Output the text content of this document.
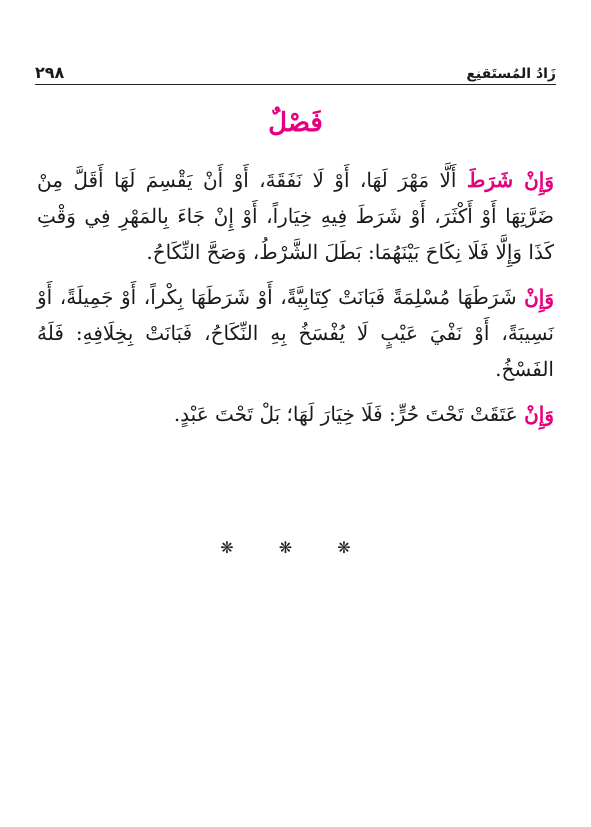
٢٩٨	زَادُ المُستَقنِع
فَصْلٌ

وَإِنْ شَرَطَ أَلَّا مَهْرَ لَهَا، أَوْ لَا نَفَقَةَ، أَوْ أَنْ يَقْسِمَ لَهَا أَقَلَّ مِنْ ضَرَّتِهَا أَوْ أَكْثَرَ، أَوْ شَرَطَ فِيهِ خِيَاراً، أَوْ إِنْ جَاءَ بِالمَهْرِ فِي وَقْتِ كَذَا وَإِلَّا فَلَا نِكَاحَ بَيْنَهُمَا: بَطَلَ الشَّرْطُ، وَصَحَّ النِّكَاحُ.

وَإِنْ شَرَطَهَا مُسْلِمَةً فَبَانَتْ كِتَابِيَّةً، أَوْ شَرَطَهَا بِكْراً، أَوْ جَمِيلَةً، أَوْ نَسِيبَةً، أَوْ نَفْيَ عَيْبٍ لَا يُفْسَخُ بِهِ النِّكَاحُ، فَبَانَتْ بِخِلَافِهِ: فَلَهُ الفَسْخُ.

وَإِنْ عَتَقَتْ تَحْتَ حُرٍّ: فَلَا خِيَارَ لَهَا؛ بَلْ تَحْتَ عَبْدٍ.

❋ ❋ ❋
